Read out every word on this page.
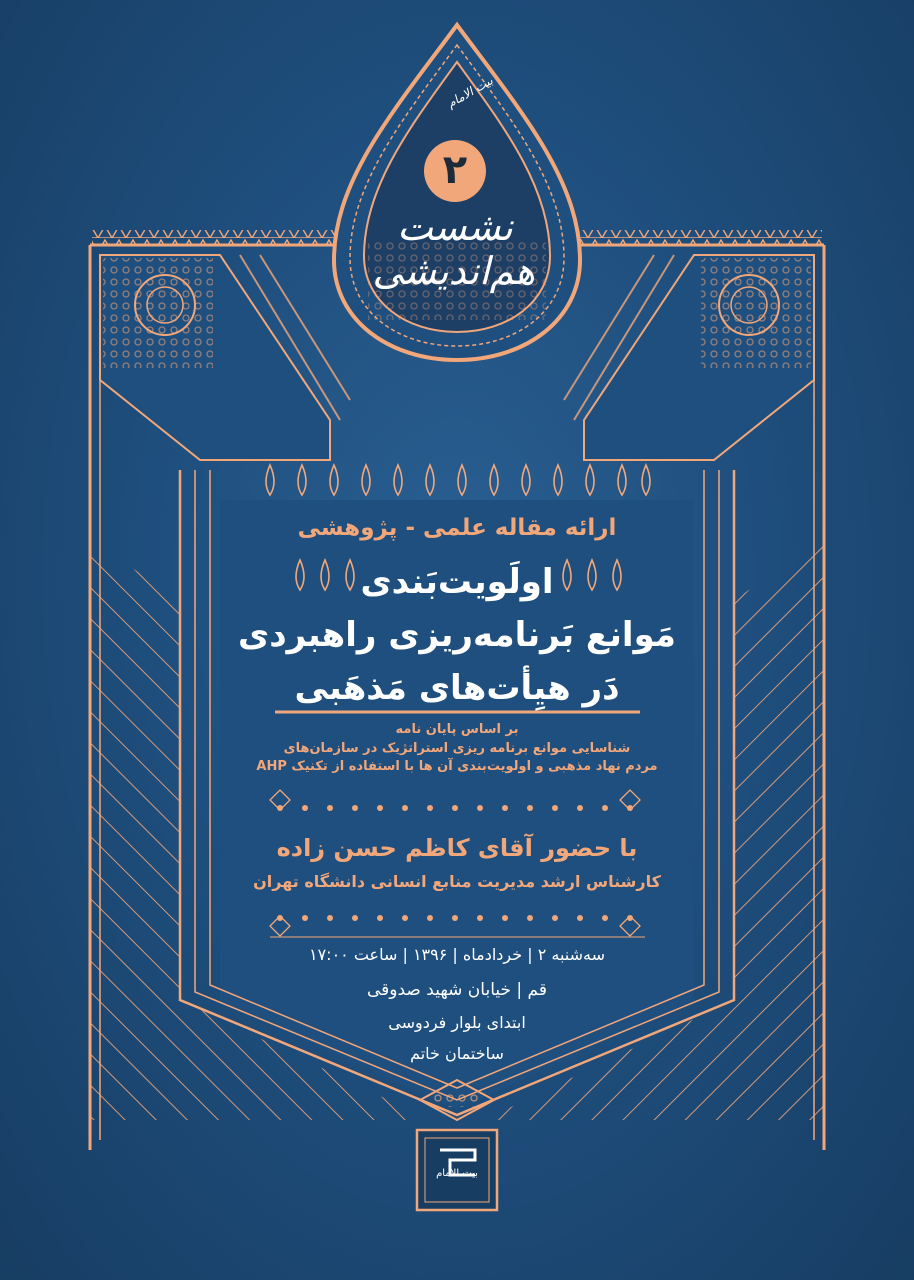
بیت الامام
۲
نشست هم‌اندیشی
ارائه مقاله علمی - پژوهشی
اولَویت‌بَندی
مَوانع بَرنامه‌ریزی راهبردی
دَر هیِأت‌های مَذهَبی
بر اساس پایان نامه
شناسایی موانع برنامه ریزی استراتژیک در سازمان‌های
مردم نهاد مذهبی و اولویت‌بندی آن ها با استفاده از تکنیک AHP
با حضور آقای کاظم حسن زاده
کارشناس ارشد مدیریت منابع انسانی دانشگاه تهران
سه‌شنبه ۲ | خرداد‌ماه | ۱۳۹۶ | ساعت ۱۷:۰۰
قم | خیابان شهید صدوقی
ابتدای بلوار فردوسی
ساختمان خاتم
بیت الامام
